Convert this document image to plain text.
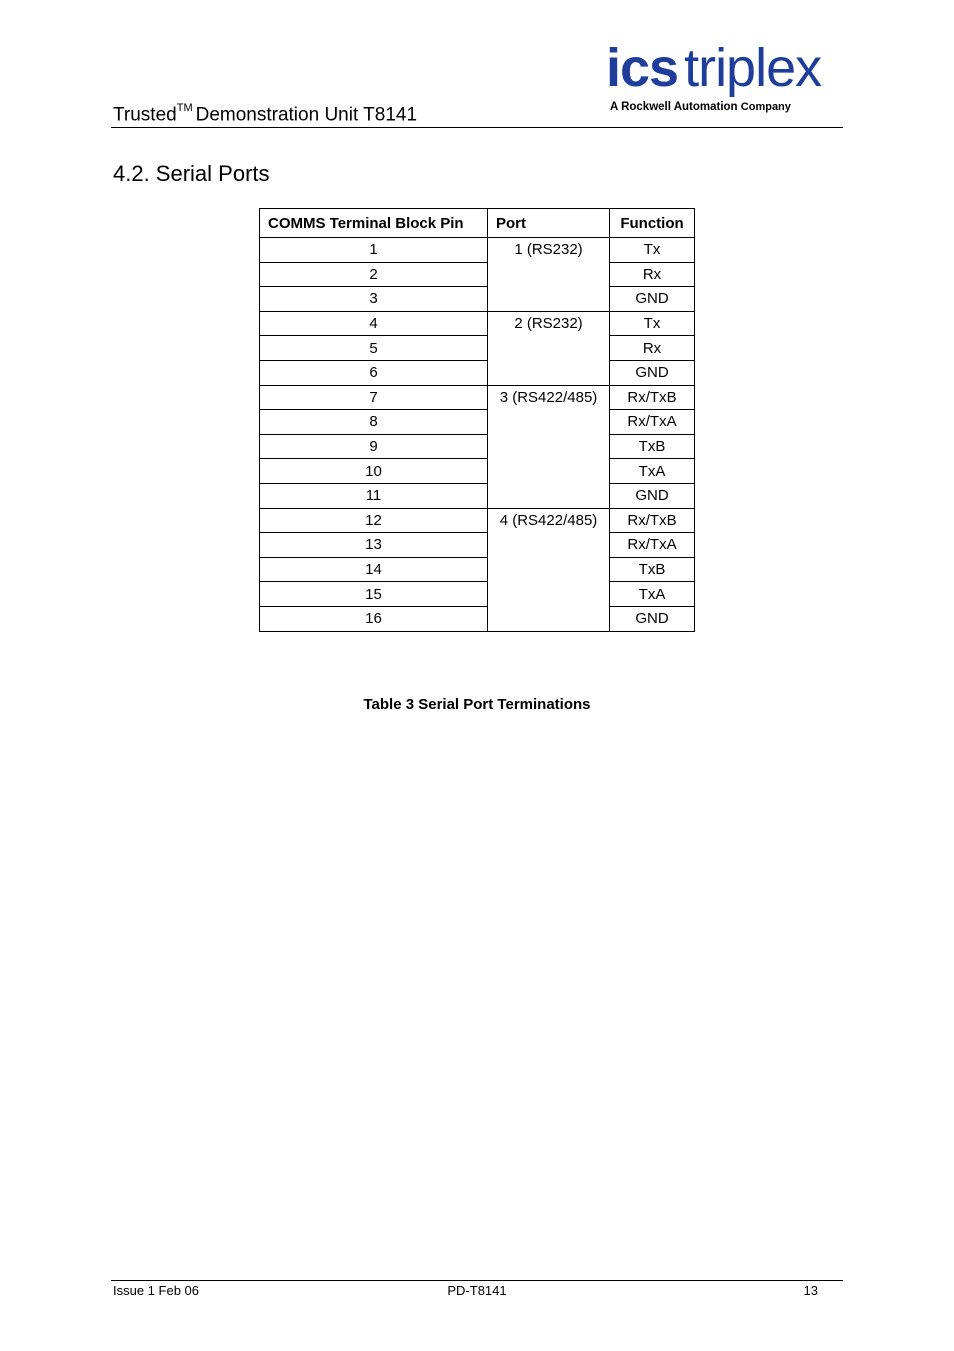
Trusted™ Demonstration Unit T8141
ics triplex
A Rockwell Automation Company
4.2. Serial Ports
COMMS Terminal Block Pin	Port	Function
1	1 (RS232)	Tx
2		Rx
3		GND
4	2 (RS232)	Tx
5		Rx
6		GND
7	3 (RS422/485)	Rx/TxB
8		Rx/TxA
9		TxB
10		TxA
11		GND
12	4 (RS422/485)	Rx/TxB
13		Rx/TxA
14		TxB
15		TxA
16		GND
Table 3 Serial Port Terminations
Issue 1 Feb 06	PD-T8141	13
